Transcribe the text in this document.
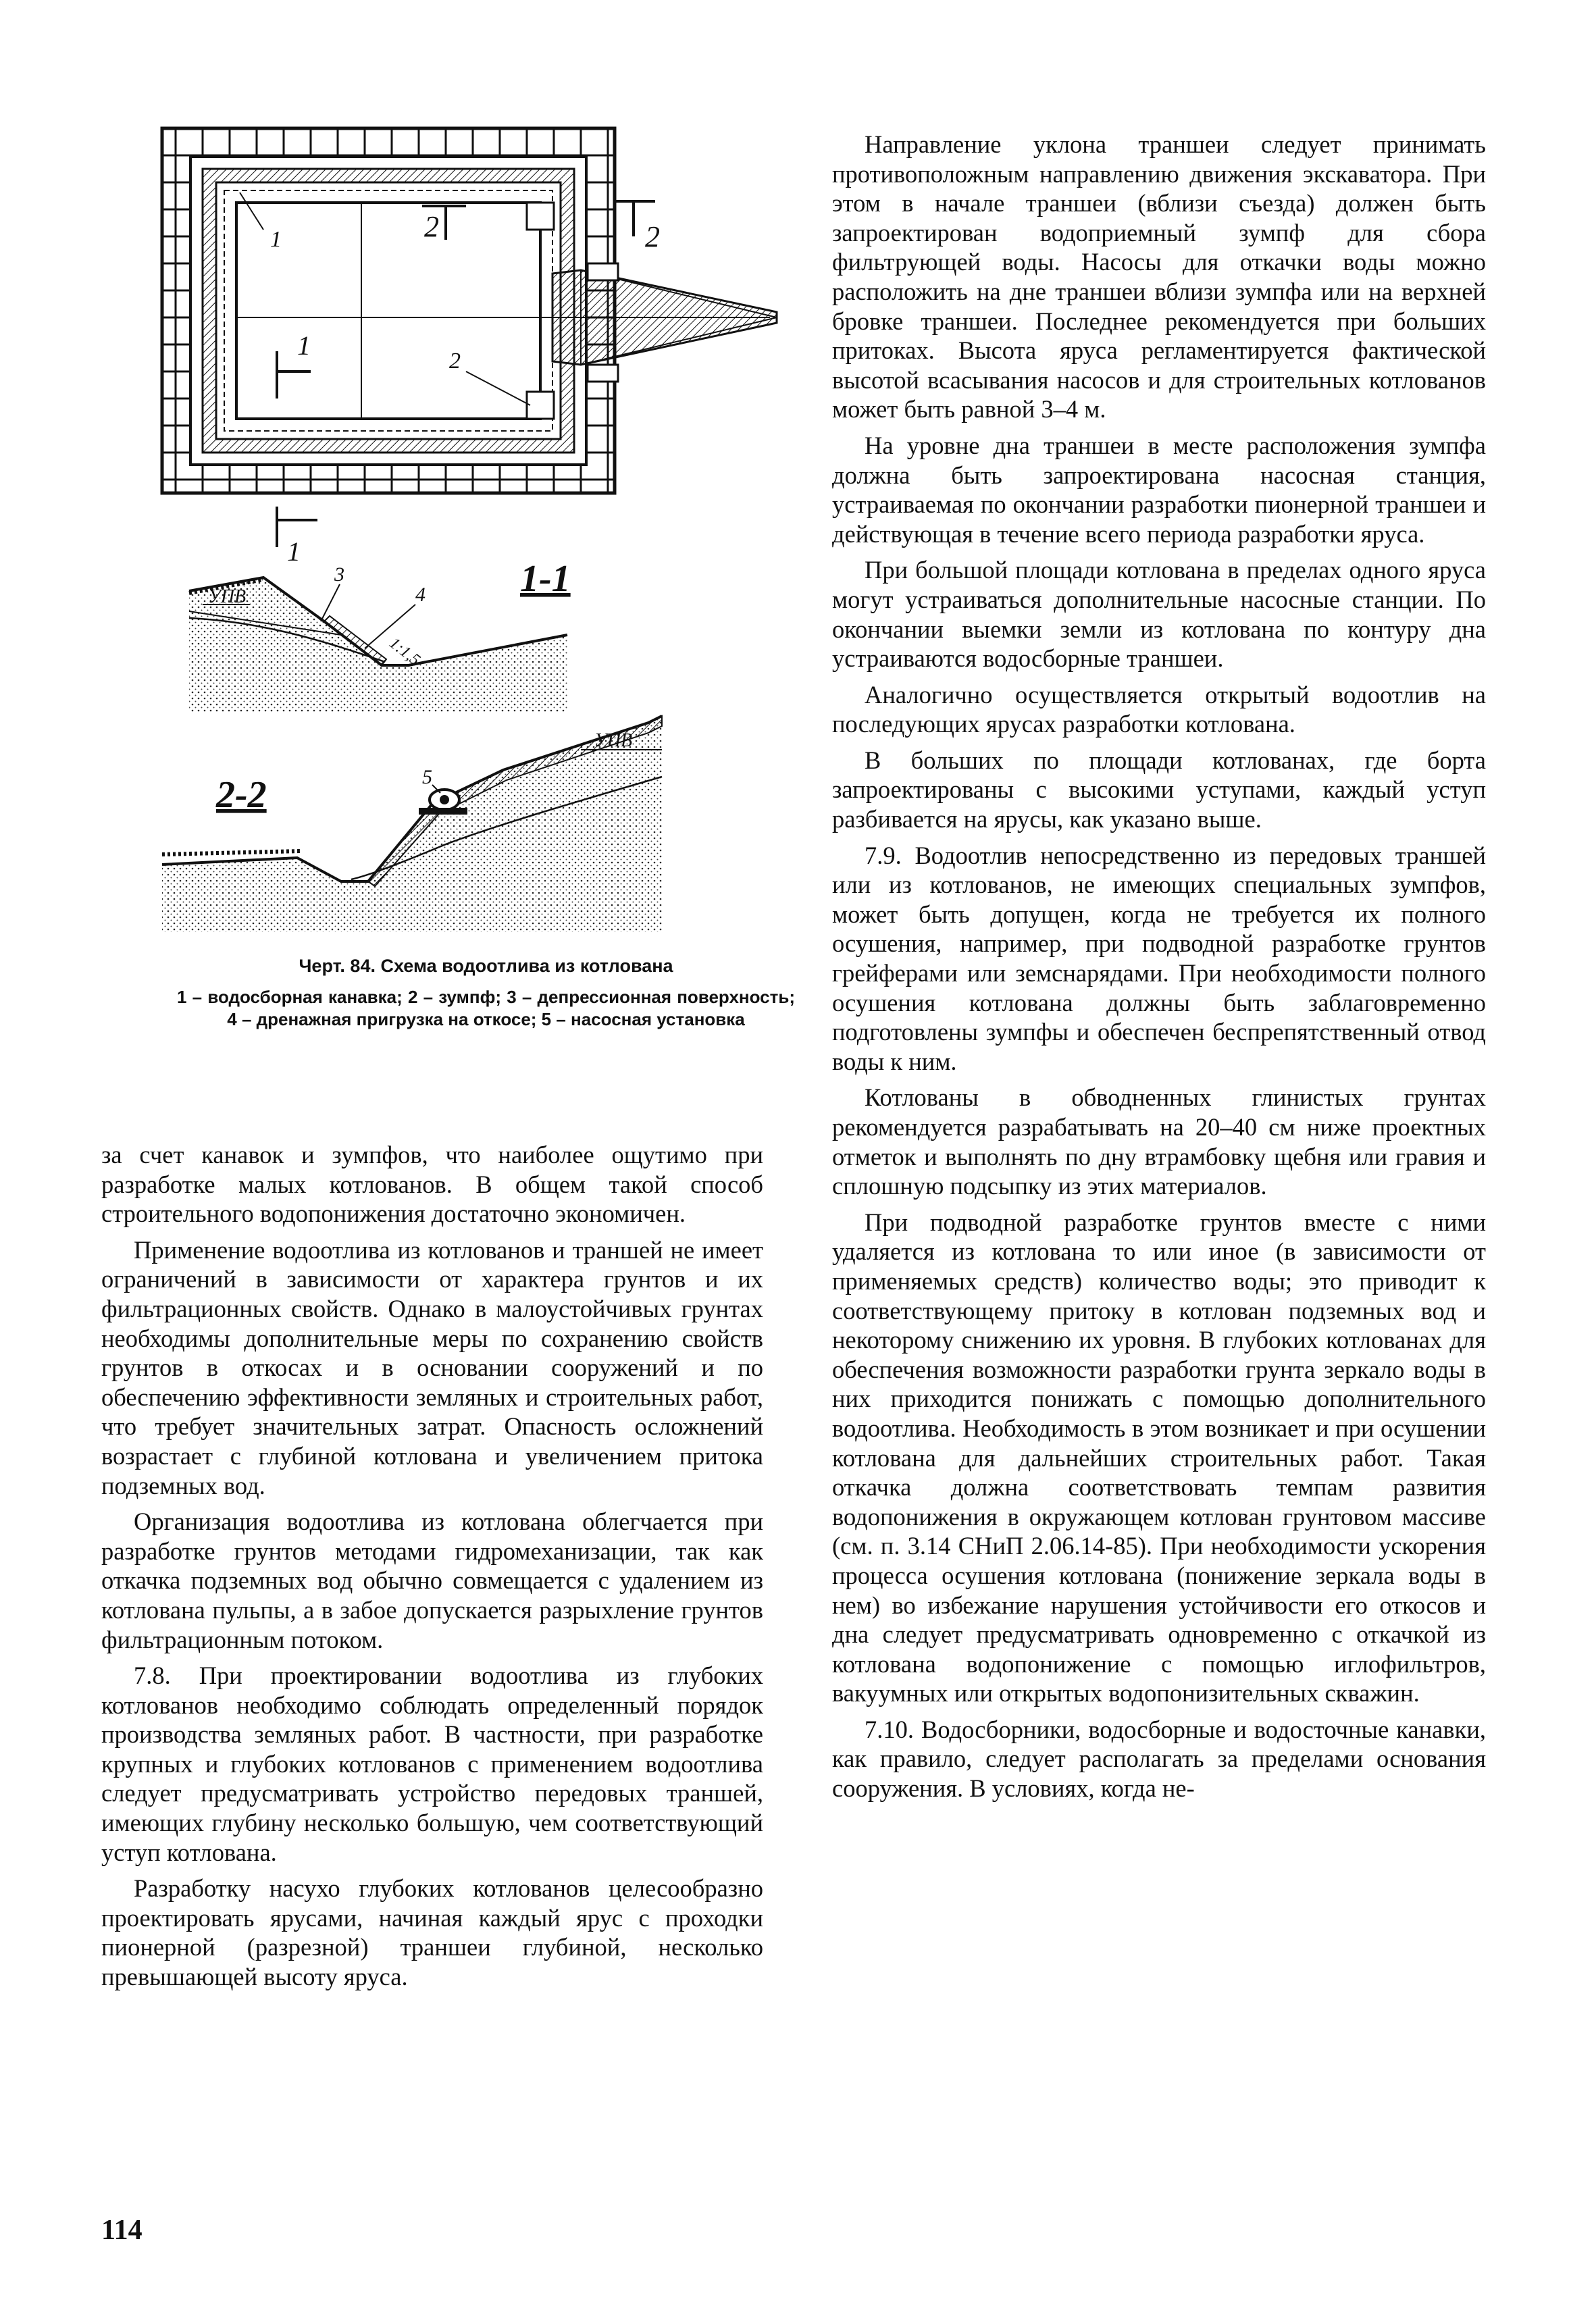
1
2
1
1
2	2
УПВ
3
4
1:1,5
1-1
УПВ
5
2-2

Черт. 84. Схема водоотлива из котлована

1 – водосборная канавка; 2 – зумпф; 3 – депрессионная поверхность; 4 – дренажная пригрузка на откосе; 5 – насосная установка

за счет канавок и зумпфов, что наиболее ощутимо при разработке малых котлованов. В общем такой способ строительного водопонижения достаточно экономичен.

Применение водоотлива из котлованов и траншей не имеет ограничений в зависимости от характера грунтов и их фильтрационных свойств. Однако в малоустойчивых грунтах необходимы дополнительные меры по сохранению свойств грунтов в откосах и в основании сооружений и по обеспечению эффективности земляных и строительных работ, что требует значительных затрат. Опасность осложнений возрастает с глубиной котлована и увеличением притока подземных вод.

Организация водоотлива из котлована облегчается при разработке грунтов методами гидромеханизации, так как откачка подземных вод обычно совмещается с удалением из котлована пульпы, а в забое допускается разрыхление грунтов фильтрационным потоком.

7.8. При проектировании водоотлива из глубоких котлованов необходимо соблюдать определенный порядок производства земляных работ. В частности, при разработке крупных и глубоких котлованов с применением водоотлива следует предусматривать устройство передовых траншей, имеющих глубину несколько большую, чем соответствующий уступ котлована.

Разработку насухо глубоких котлованов целесообразно проектировать ярусами, начиная каждый ярус с проходки пионерной (разрезной) траншеи глубиной, несколько превышающей высоту яруса.

Направление уклона траншеи следует принимать противоположным направлению движения экскаватора. При этом в начале траншеи (вблизи съезда) должен быть запроектирован водоприемный зумпф для сбора фильтрующей воды. Насосы для откачки воды можно расположить на дне траншеи вблизи зумпфа или на верхней бровке траншеи. Последнее рекомендуется при больших притоках. Высота яруса регламентируется фактической высотой всасывания насосов и для строительных котлованов может быть равной 3–4 м.

На уровне дна траншеи в месте расположения зумпфа должна быть запроектирована насосная станция, устраиваемая по окончании разработки пионерной траншеи и действующая в течение всего периода разработки яруса.

При большой площади котлована в пределах одного яруса могут устраиваться дополнительные насосные станции. По окончании выемки земли из котлована по контуру дна устраиваются водосборные траншеи.

Аналогично осуществляется открытый водоотлив на последующих ярусах разработки котлована.

В больших по площади котлованах, где борта запроектированы с высокими уступами, каждый уступ разбивается на ярусы, как указано выше.

7.9. Водоотлив непосредственно из передовых траншей или из котлованов, не имеющих специальных зумпфов, может быть допущен, когда не требуется их полного осушения, например, при подводной разработке грунтов грейферами или земснарядами. При необходимости полного осушения котлована должны быть заблаговременно подготовлены зумпфы и обеспечен беспрепятственный отвод воды к ним.

Котлованы в обводненных глинистых грунтах рекомендуется разрабатывать на 20–40 см ниже проектных отметок и выполнять по дну втрамбовку щебня или гравия и сплошную подсыпку из этих материалов.

При подводной разработке грунтов вместе с ними удаляется из котлована то или иное (в зависимости от применяемых средств) количество воды; это приводит к соответствующему притоку в котлован подземных вод и некоторому снижению их уровня. В глубоких котлованах для обеспечения возможности разработки грунта зеркало воды в них приходится понижать с помощью дополнительного водоотлива. Необходимость в этом возникает и при осушении котлована для дальнейших строительных работ. Такая откачка должна соответствовать темпам развития водопонижения в окружающем котлован грунтовом массиве (см. п. 3.14 СНиП 2.06.14-85). При необходимости ускорения процесса осушения котлована (понижение зеркала воды в нем) во избежание нарушения устойчивости его откосов и дна следует предусматривать одновременно с откачкой из котлована водопонижение с помощью иглофильтров, вакуумных или открытых водопонизительных скважин.

7.10. Водосборники, водосборные и водосточные канавки, как правило, следует располагать за пределами основания сооружения. В условиях, когда не-

114
